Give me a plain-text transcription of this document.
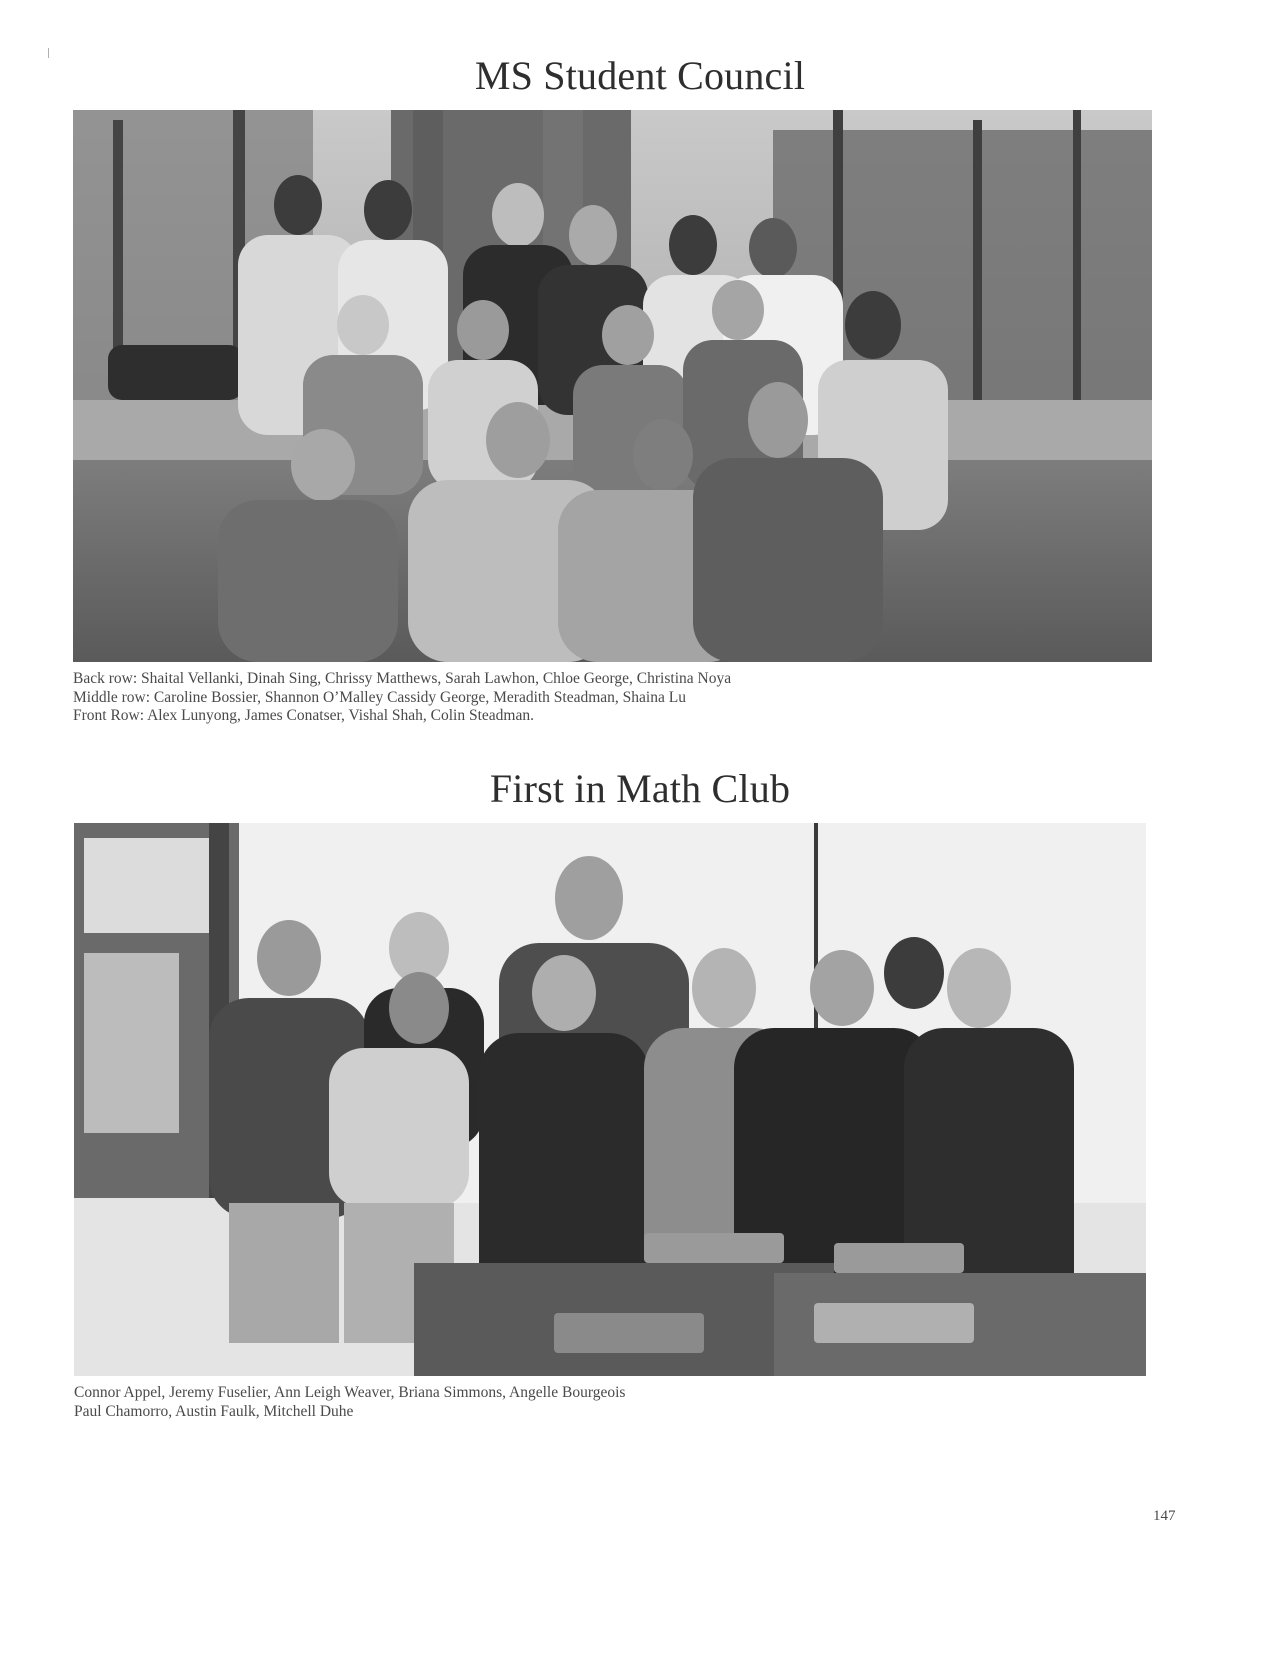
MS Student Council
Back row: Shaital Vellanki, Dinah Sing, Chrissy Matthews, Sarah Lawhon, Chloe George, Christina Noya
Middle row: Caroline Bossier, Shannon O’Malley Cassidy George, Meradith Steadman, Shaina Lu
Front Row: Alex Lunyong, James Conatser, Vishal Shah, Colin Steadman.
First in Math Club
Connor Appel, Jeremy Fuselier, Ann Leigh Weaver, Briana Simmons, Angelle Bourgeois
Paul Chamorro, Austin Faulk, Mitchell Duhe
147
